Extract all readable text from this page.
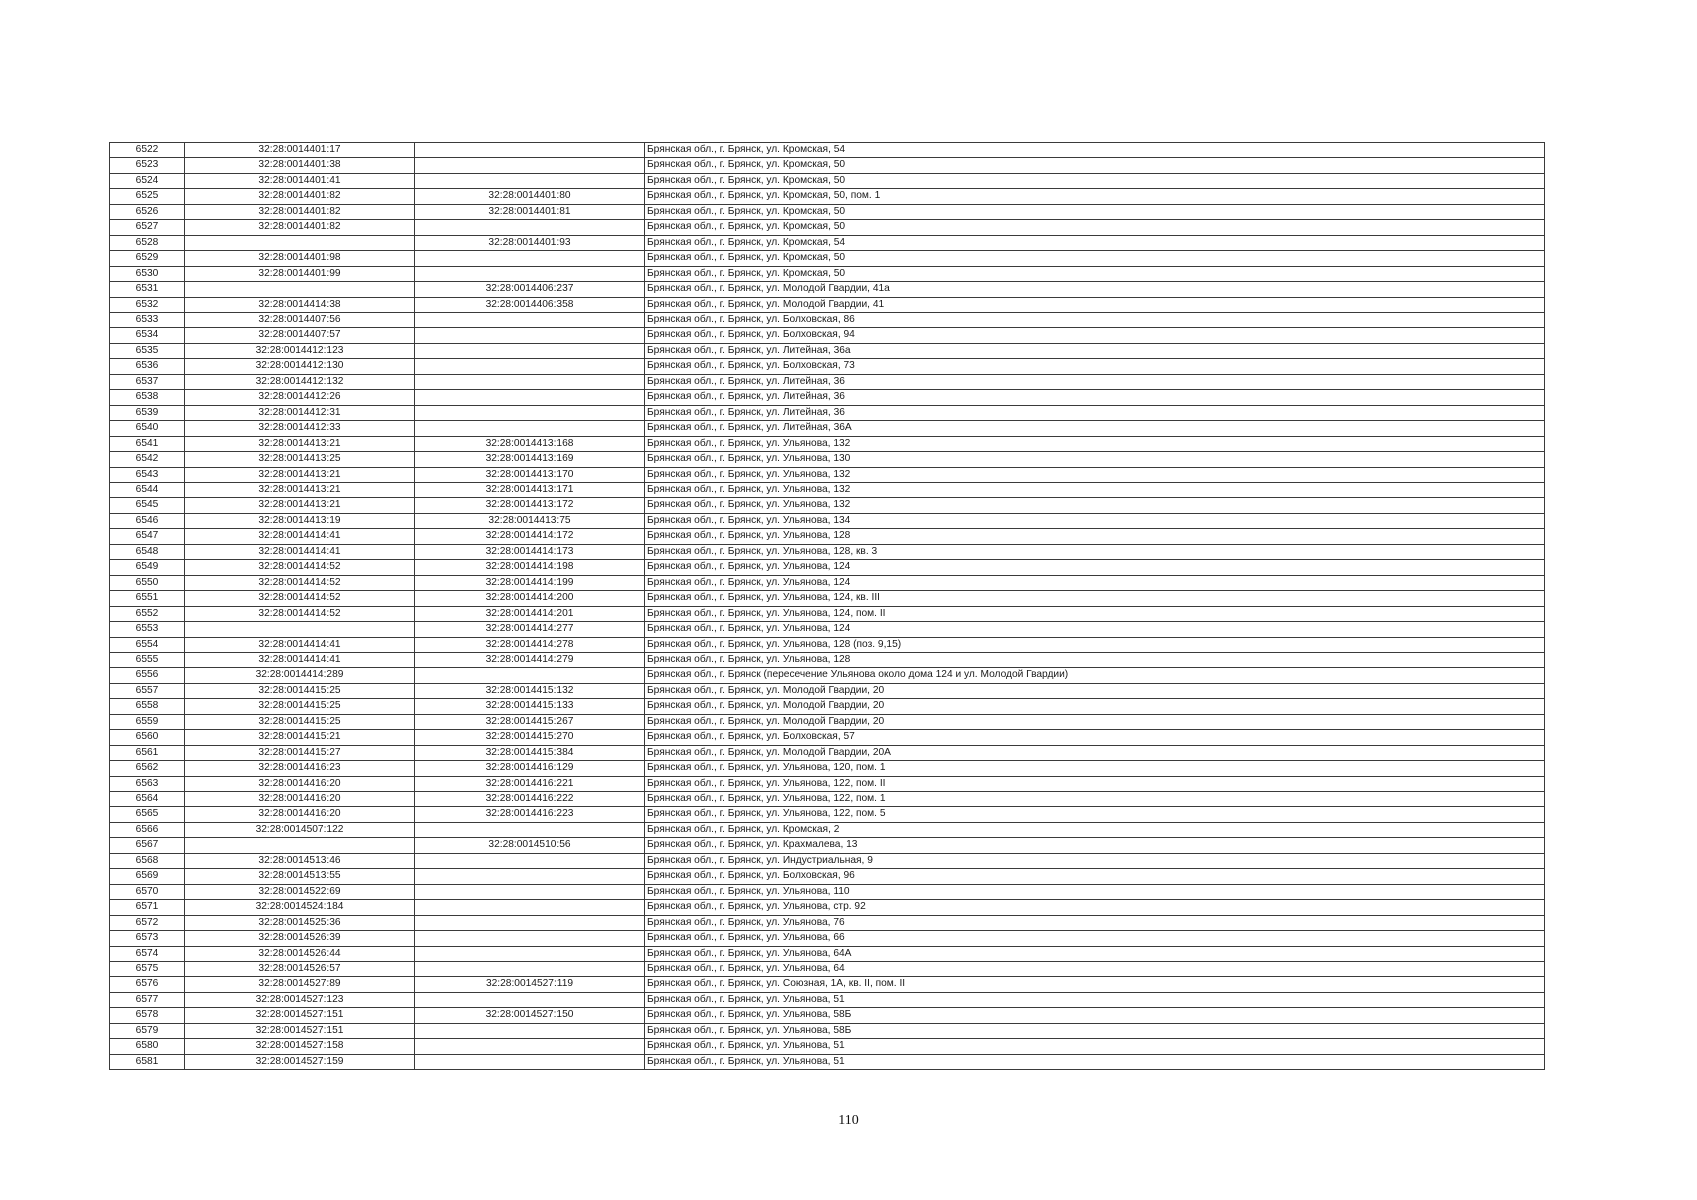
6522	32:28:0014401:17		Брянская обл., г. Брянск, ул. Кромская, 54
6523	32:28:0014401:38		Брянская обл., г. Брянск, ул. Кромская, 50
6524	32:28:0014401:41		Брянская обл., г. Брянск, ул. Кромская, 50
6525	32:28:0014401:82	32:28:0014401:80	Брянская обл., г. Брянск, ул. Кромская, 50, пом. 1
6526	32:28:0014401:82	32:28:0014401:81	Брянская обл., г. Брянск, ул. Кромская, 50
6527	32:28:0014401:82		Брянская обл., г. Брянск, ул. Кромская, 50
6528		32:28:0014401:93	Брянская обл., г. Брянск, ул. Кромская, 54
6529	32:28:0014401:98		Брянская обл., г. Брянск, ул. Кромская, 50
6530	32:28:0014401:99		Брянская обл., г. Брянск, ул. Кромская, 50
6531		32:28:0014406:237	Брянская обл., г. Брянск, ул. Молодой Гвардии, 41а
6532	32:28:0014414:38	32:28:0014406:358	Брянская обл., г. Брянск, ул. Молодой Гвардии, 41
6533	32:28:0014407:56		Брянская обл., г. Брянск, ул. Болховская, 86
6534	32:28:0014407:57		Брянская обл., г. Брянск, ул. Болховская, 94
6535	32:28:0014412:123		Брянская обл., г. Брянск, ул. Литейная, 36а
6536	32:28:0014412:130		Брянская обл., г. Брянск, ул. Болховская, 73
6537	32:28:0014412:132		Брянская обл., г. Брянск, ул. Литейная, 36
6538	32:28:0014412:26		Брянская обл., г. Брянск, ул. Литейная, 36
6539	32:28:0014412:31		Брянская обл., г. Брянск, ул. Литейная, 36
6540	32:28:0014412:33		Брянская обл., г. Брянск, ул. Литейная, 36А
6541	32:28:0014413:21	32:28:0014413:168	Брянская обл., г. Брянск, ул. Ульянова, 132
6542	32:28:0014413:25	32:28:0014413:169	Брянская обл., г. Брянск, ул. Ульянова, 130
6543	32:28:0014413:21	32:28:0014413:170	Брянская обл., г. Брянск, ул. Ульянова, 132
6544	32:28:0014413:21	32:28:0014413:171	Брянская обл., г. Брянск, ул. Ульянова, 132
6545	32:28:0014413:21	32:28:0014413:172	Брянская обл., г. Брянск, ул. Ульянова, 132
6546	32:28:0014413:19	32:28:0014413:75	Брянская обл., г. Брянск, ул. Ульянова, 134
6547	32:28:0014414:41	32:28:0014414:172	Брянская обл., г. Брянск, ул. Ульянова, 128
6548	32:28:0014414:41	32:28:0014414:173	Брянская обл., г. Брянск, ул. Ульянова, 128, кв. 3
6549	32:28:0014414:52	32:28:0014414:198	Брянская обл., г. Брянск, ул. Ульянова, 124
6550	32:28:0014414:52	32:28:0014414:199	Брянская обл., г. Брянск, ул. Ульянова, 124
6551	32:28:0014414:52	32:28:0014414:200	Брянская обл., г. Брянск, ул. Ульянова, 124, кв. III
6552	32:28:0014414:52	32:28:0014414:201	Брянская обл., г. Брянск, ул. Ульянова, 124, пом. II
6553		32:28:0014414:277	Брянская обл., г. Брянск, ул. Ульянова, 124
6554	32:28:0014414:41	32:28:0014414:278	Брянская обл., г. Брянск, ул. Ульянова, 128 (поз. 9,15)
6555	32:28:0014414:41	32:28:0014414:279	Брянская обл., г. Брянск, ул. Ульянова, 128
6556	32:28:0014414:289		Брянская обл., г. Брянск (пересечение Ульянова около дома 124 и ул. Молодой Гвардии)
6557	32:28:0014415:25	32:28:0014415:132	Брянская обл., г. Брянск, ул. Молодой Гвардии, 20
6558	32:28:0014415:25	32:28:0014415:133	Брянская обл., г. Брянск, ул. Молодой Гвардии, 20
6559	32:28:0014415:25	32:28:0014415:267	Брянская обл., г. Брянск, ул. Молодой Гвардии, 20
6560	32:28:0014415:21	32:28:0014415:270	Брянская обл., г. Брянск, ул. Болховская, 57
6561	32:28:0014415:27	32:28:0014415:384	Брянская обл., г. Брянск, ул. Молодой Гвардии, 20А
6562	32:28:0014416:23	32:28:0014416:129	Брянская обл., г. Брянск, ул. Ульянова, 120, пом. 1
6563	32:28:0014416:20	32:28:0014416:221	Брянская обл., г. Брянск, ул. Ульянова, 122, пом. II
6564	32:28:0014416:20	32:28:0014416:222	Брянская обл., г. Брянск, ул. Ульянова, 122, пом. 1
6565	32:28:0014416:20	32:28:0014416:223	Брянская обл., г. Брянск, ул. Ульянова, 122, пом. 5
6566	32:28:0014507:122		Брянская обл., г. Брянск, ул. Кромская, 2
6567		32:28:0014510:56	Брянская обл., г. Брянск, ул. Крахмалева, 13
6568	32:28:0014513:46		Брянская обл., г. Брянск, ул. Индустриальная, 9
6569	32:28:0014513:55		Брянская обл., г. Брянск, ул. Болховская, 96
6570	32:28:0014522:69		Брянская обл., г. Брянск, ул. Ульянова, 110
6571	32:28:0014524:184		Брянская обл., г. Брянск, ул. Ульянова, стр. 92
6572	32:28:0014525:36		Брянская обл., г. Брянск, ул. Ульянова, 76
6573	32:28:0014526:39		Брянская обл., г. Брянск, ул. Ульянова, 66
6574	32:28:0014526:44		Брянская обл., г. Брянск, ул. Ульянова, 64А
6575	32:28:0014526:57		Брянская обл., г. Брянск, ул. Ульянова, 64
6576	32:28:0014527:89	32:28:0014527:119	Брянская обл., г. Брянск, ул. Союзная, 1А, кв. II, пом. II
6577	32:28:0014527:123		Брянская обл., г. Брянск, ул. Ульянова, 51
6578	32:28:0014527:151	32:28:0014527:150	Брянская обл., г. Брянск, ул. Ульянова, 58Б
6579	32:28:0014527:151		Брянская обл., г. Брянск, ул. Ульянова, 58Б
6580	32:28:0014527:158		Брянская обл., г. Брянск, ул. Ульянова, 51
6581	32:28:0014527:159		Брянская обл., г. Брянск, ул. Ульянова, 51
110
